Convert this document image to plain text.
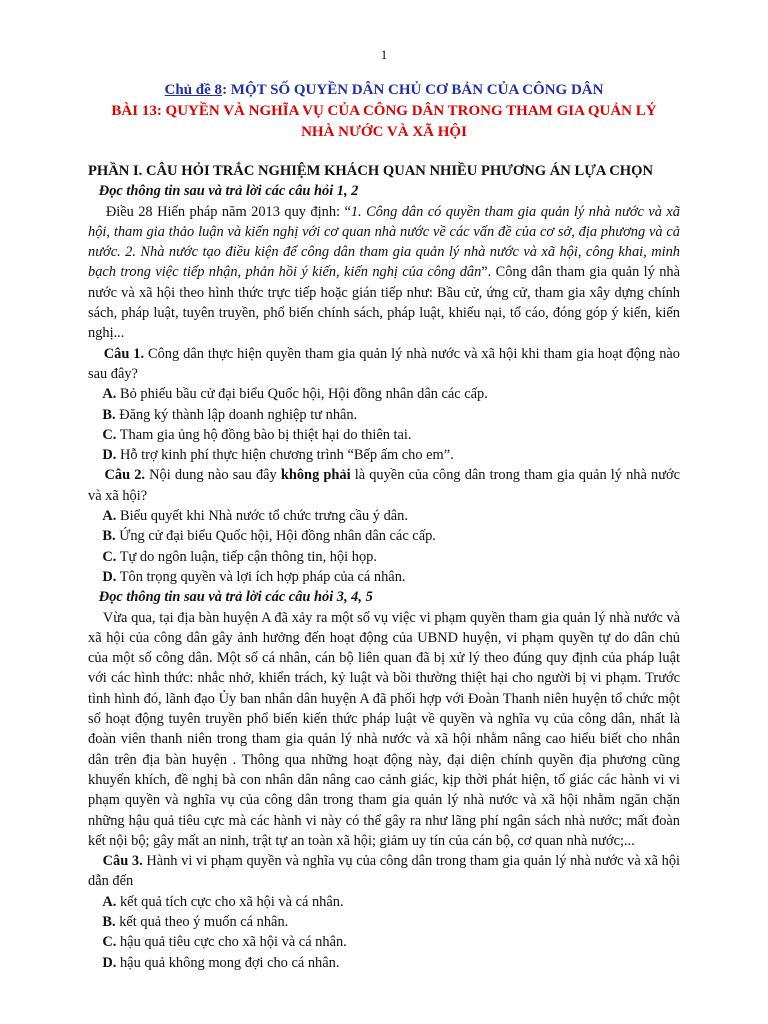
1
Chủ đề 8: MỘT SỐ QUYỀN DÂN CHỦ CƠ BẢN CỦA CÔNG DÂN
BÀI 13: QUYỀN VÀ NGHĨA VỤ CỦA CÔNG DÂN TRONG THAM GIA QUẢN LÝ
NHÀ NƯỚC VÀ XÃ HỘI

PHẦN I. CÂU HỎI TRẮC NGHIỆM KHÁCH QUAN NHIỀU PHƯƠNG ÁN LỰA CHỌN

Đọc thông tin sau và trả lời các câu hỏi 1, 2

Điều 28 Hiến pháp năm 2013 quy định: “1. Công dân có quyền tham gia quản lý nhà nước và xã hội, tham gia thảo luận và kiến nghị với cơ quan nhà nước về các vấn đề của cơ sở, địa phương và cả nước. 2. Nhà nước tạo điều kiện để công dân tham gia quản lý nhà nước và xã hội, công khai, minh bạch trong việc tiếp nhận, phản hồi ý kiến, kiến nghị của công dân”. Công dân tham gia quản lý nhà nước và xã hội theo hình thức trực tiếp hoặc gián tiếp như: Bầu cử, ứng cử, tham gia xây dựng chính sách, pháp luật, tuyên truyền, phổ biến chính sách, pháp luật, khiếu nại, tố cáo, đóng góp ý kiến, kiến nghị...

Câu 1. Công dân thực hiện quyền tham gia quản lý nhà nước và xã hội khi tham gia hoạt động nào sau đây?

A. Bỏ phiếu bầu cử đại biểu Quốc hội, Hội đồng nhân dân các cấp.

B. Đăng ký thành lập doanh nghiệp tư nhân.

C. Tham gia ủng hộ đồng bào bị thiệt hại do thiên tai.

D. Hỗ trợ kinh phí thực hiện chương trình “Bếp ấm cho em”.

Câu 2. Nội dung nào sau đây không phải là quyền của công dân trong tham gia quản lý nhà nước và xã hội?

A. Biểu quyết khi Nhà nước tổ chức trưng cầu ý dân.

B. Ứng cử đại biểu Quốc hội, Hội đồng nhân dân các cấp.

C. Tự do ngôn luận, tiếp cận thông tin, hội họp.

D. Tôn trọng quyền và lợi ích hợp pháp của cá nhân.

Đọc thông tin sau và trả lời các câu hỏi 3, 4, 5

Vừa qua, tại địa bàn huyện A đã xảy ra một số vụ việc vi phạm quyền tham gia quản lý nhà nước và xã hội của công dân gây ảnh hưởng đến hoạt động của UBND huyện, vi phạm quyền tự do dân chủ của một số công dân. Một số cá nhân, cán bộ liên quan đã bị xử lý theo đúng quy định của pháp luật với các hình thức: nhắc nhở, khiển trách, kỷ luật và bồi thường thiệt hại cho người bị vi phạm. Trước tình hình đó, lãnh đạo Ủy ban nhân dân huyện A đã phối hợp với Đoàn Thanh niên huyện tổ chức một số hoạt động tuyên truyền phổ biến kiến thức pháp luật về quyền và nghĩa vụ của công dân, nhất là đoàn viên thanh niên trong tham gia quản lý nhà nước và xã hội nhằm nâng cao hiểu biết cho nhân dân trên địa bàn huyện . Thông qua những hoạt động này, đại diện chính quyền địa phương cũng khuyến khích, đề nghị bà con nhân dân nâng cao cảnh giác, kịp thời phát hiện, tố giác các hành vi vi phạm quyền và nghĩa vụ của công dân trong tham gia quản lý nhà nước và xã hội nhằm ngăn chặn những hậu quả tiêu cực mà các hành vi này có thể gây ra như lãng phí ngân sách nhà nước; mất đoàn kết nội bộ; gây mất an ninh, trật tự an toàn xã hội; giảm uy tín của cán bộ, cơ quan nhà nước;...

Câu 3. Hành vi vi phạm quyền và nghĩa vụ của công dân trong tham gia quản lý nhà nước và xã hội dẫn đến

A. kết quả tích cực cho xã hội và cá nhân.

B. kết quả theo ý muốn cá nhân.

C. hậu quả tiêu cực cho xã hội và cá nhân.

D. hậu quả không mong đợi cho cá nhân.
